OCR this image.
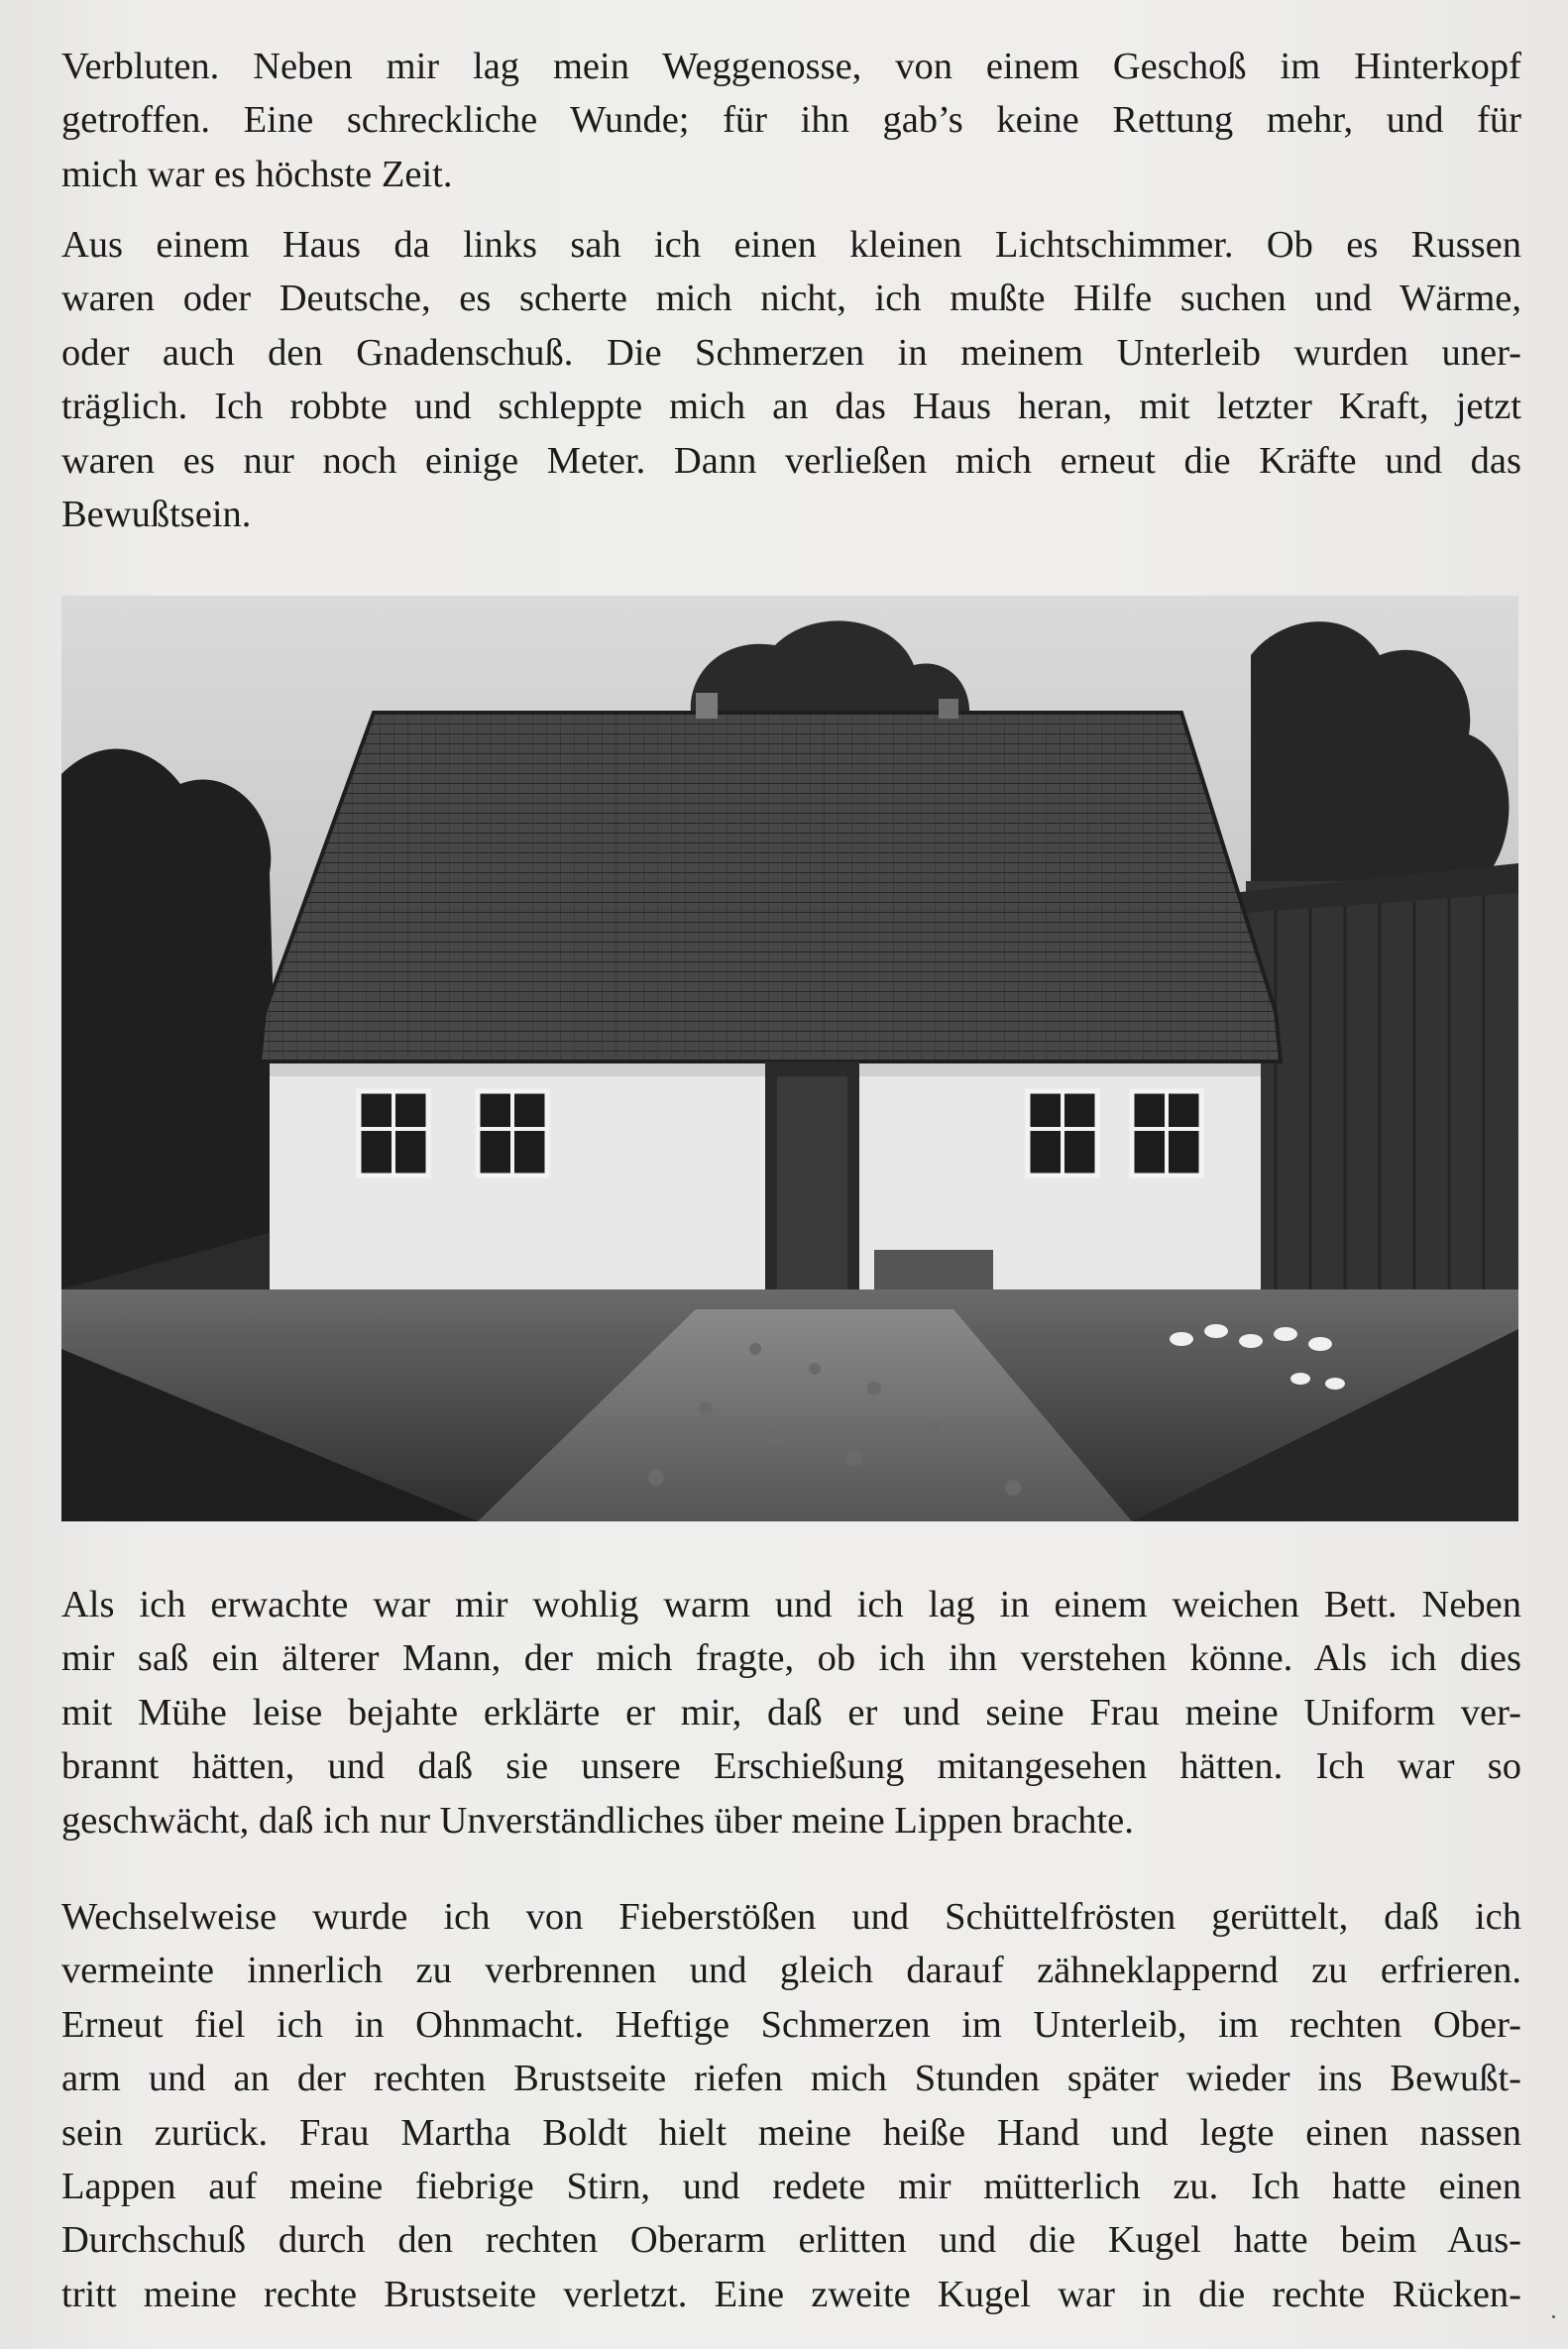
Verbluten. Neben mir lag mein Weggenosse, von einem Geschoß im Hinterkopf
getroffen. Eine schreckliche Wunde; für ihn gab’s keine Rettung mehr, und für
mich war es höchste Zeit.

Aus einem Haus da links sah ich einen kleinen Lichtschimmer. Ob es Russen
waren oder Deutsche, es scherte mich nicht, ich mußte Hilfe suchen und Wärme,
oder auch den Gnadenschuß. Die Schmerzen in meinem Unterleib wurden uner-
träglich. Ich robbte und schleppte mich an das Haus heran, mit letzter Kraft, jetzt
waren es nur noch einige Meter. Dann verließen mich erneut die Kräfte und das
Bewußtsein.

Als ich erwachte war mir wohlig warm und ich lag in einem weichen Bett. Neben
mir saß ein älterer Mann, der mich fragte, ob ich ihn verstehen könne. Als ich dies
mit Mühe leise bejahte erklärte er mir, daß er und seine Frau meine Uniform ver-
brannt hätten, und daß sie unsere Erschießung mitangesehen hätten. Ich war so
geschwächt, daß ich nur Unverständliches über meine Lippen brachte.

Wechselweise wurde ich von Fieberstößen und Schüttelfrösten gerüttelt, daß ich
vermeinte innerlich zu verbrennen und gleich darauf zähneklappernd zu erfrieren.
Erneut fiel ich in Ohnmacht. Heftige Schmerzen im Unterleib, im rechten Ober-
arm und an der rechten Brustseite riefen mich Stunden später wieder ins Bewußt-
sein zurück. Frau Martha Boldt hielt meine heiße Hand und legte einen nassen
Lappen auf meine fiebrige Stirn, und redete mir mütterlich zu. Ich hatte einen
Durchschuß durch den rechten Oberarm erlitten und die Kugel hatte beim Aus-
tritt meine rechte Brustseite verletzt. Eine zweite Kugel war in die rechte Rücken-
